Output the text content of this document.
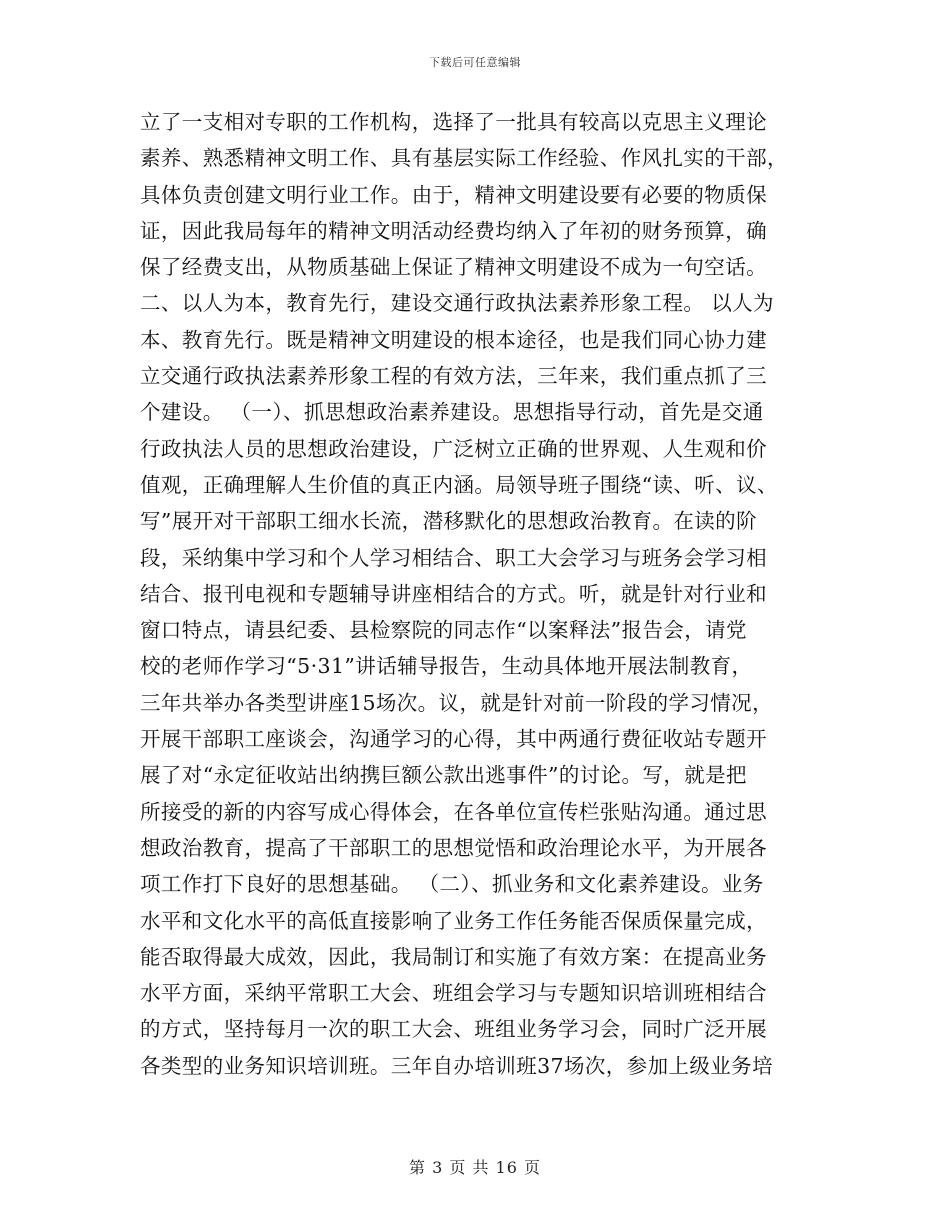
下载后可任意编辑
立了一支相对专职的工作机构，选择了一批具有较高以克思主义理论
素养、熟悉精神文明工作、具有基层实际工作经验、作风扎实的干部，
具体负责创建文明行业工作。由于，精神文明建设要有必要的物质保
证，因此我局每年的精神文明活动经费均纳入了年初的财务预算，确
保了经费支出，从物质基础上保证了精神文明建设不成为一句空话。
二、以人为本，教育先行，建设交通行政执法素养形象工程。 以人为
本、教育先行。既是精神文明建设的根本途径，也是我们同心协力建
立交通行政执法素养形象工程的有效方法，三年来，我们重点抓了三
个建设。 （一）、抓思想政治素养建设。思想指导行动，首先是交通
行政执法人员的思想政治建设，广泛树立正确的世界观、人生观和价
值观，正确理解人生价值的真正内涵。局领导班子围绕“读、听、议、
写”展开对干部职工细水长流，潜移默化的思想政治教育。在读的阶
段，采纳集中学习和个人学习相结合、职工大会学习与班务会学习相
结合、报刊电视和专题辅导讲座相结合的方式。听，就是针对行业和
窗口特点，请县纪委、县检察院的同志作“以案释法”报告会，请党
校的老师作学习“5·31”讲话辅导报告，生动具体地开展法制教育，
三年共举办各类型讲座15场次。议，就是针对前一阶段的学习情况，
开展干部职工座谈会，沟通学习的心得，其中两通行费征收站专题开
展了对“永定征收站出纳携巨额公款出逃事件”的讨论。写，就是把
所接受的新的内容写成心得体会，在各单位宣传栏张贴沟通。通过思
想政治教育，提高了干部职工的思想觉悟和政治理论水平，为开展各
项工作打下良好的思想基础。 （二）、抓业务和文化素养建设。业务
水平和文化水平的高低直接影响了业务工作任务能否保质保量完成，
能否取得最大成效，因此，我局制订和实施了有效方案：在提高业务
水平方面，采纳平常职工大会、班组会学习与专题知识培训班相结合
的方式，坚持每月一次的职工大会、班组业务学习会，同时广泛开展
各类型的业务知识培训班。三年自办培训班37场次，参加上级业务培
第 3 页 共 16 页
